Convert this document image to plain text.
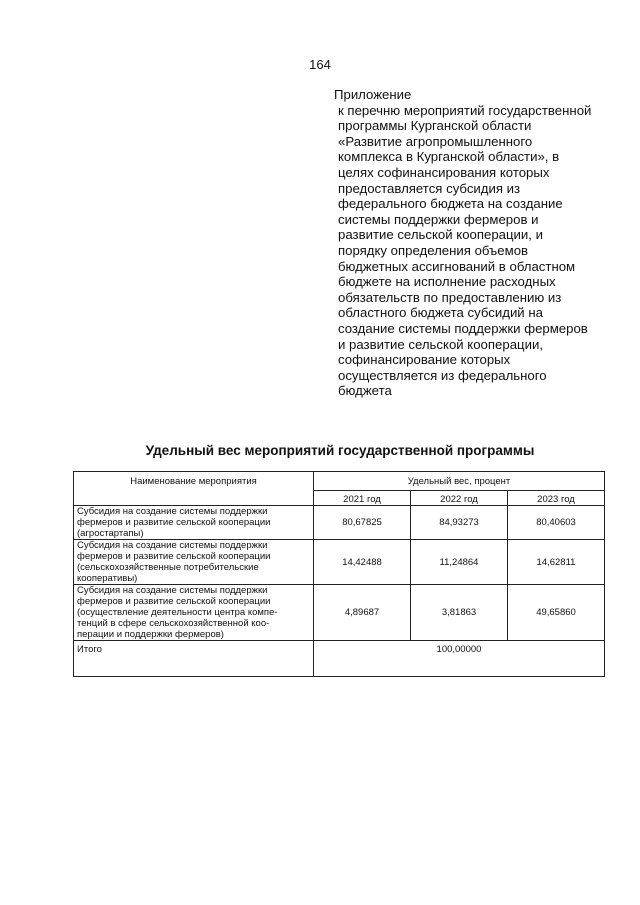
164
Приложение
к перечню мероприятий государственной
программы Курганской области
«Развитие агропромышленного
комплекса в Курганской области», в
целях софинансирования которых
предоставляется субсидия из
федерального бюджета на создание
системы поддержки фермеров и
развитие сельской кооперации, и
порядку определения объемов
бюджетных ассигнований в областном
бюджете на исполнение расходных
обязательств по предоставлению из
областного бюджета субсидий на
создание системы поддержки фермеров
и развитие сельской кооперации,
софинансирование которых
осуществляется из федерального
бюджета
Удельный вес мероприятий государственной программы
Наименование мероприятия	Удельный вес, процент		
	2021 год	2022 год	2023 год

Субсидия на создание системы поддержки
фермеров и развитие сельской кооперации
(агростартапы)	80,67825	84,93273	80,40603

Субсидия на создание системы поддержки
фермеров и развитие сельской кооперации
(сельскохозяйственные потребительские
кооперативы)	14,42488	11,24864	14,62811

Субсидия на создание системы поддержки
фермеров и развитие сельской кооперации
(осуществление деятельности центра компе-
тенций в сфере сельскохозяйственной коо-
перации и поддержки фермеров)	4,89687	3,81863	49,65860
Итого	100,00000		
